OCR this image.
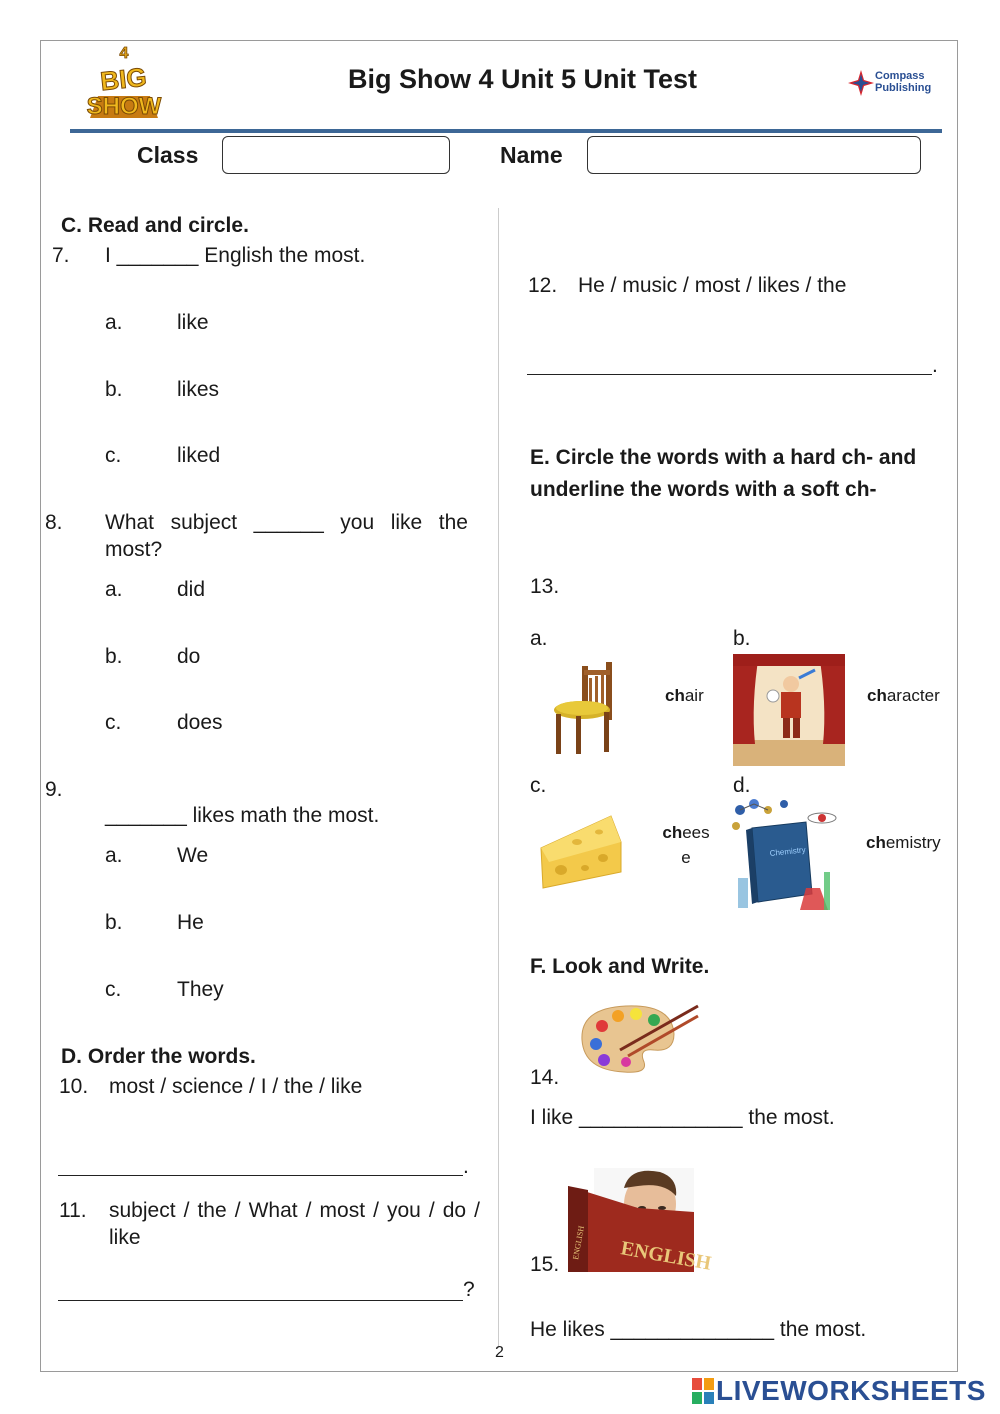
4
BIG
SHOW
Big Show 4 Unit 5 Unit Test	Compass
Publishing
Class	Name
C. Read and circle.
7. I _______ English the most.
a.	like
b.	likes
c.	liked
8. What subject ______ you like the most?
a.	did
b.	do
c.	does
9.
_______ likes math the most.
a.	We
b.	He
c.	They
D. Order the words.
10. most / science / I / the / like
.
11. subject / the / What / most / you / do / like
?
12. He / music / most / likes / the
.
E. Circle the words with a hard ch- and underline the words with a soft ch-
13.
a.
chair
b.
character
c.
chees
e
d.
Chemistry	chemistry
F. Look and Write.
14.
I like ______________ the most.
ENGLISH
ENGLISH
15.
He likes ______________ the most.
2
LIVEWORKSHEETS
